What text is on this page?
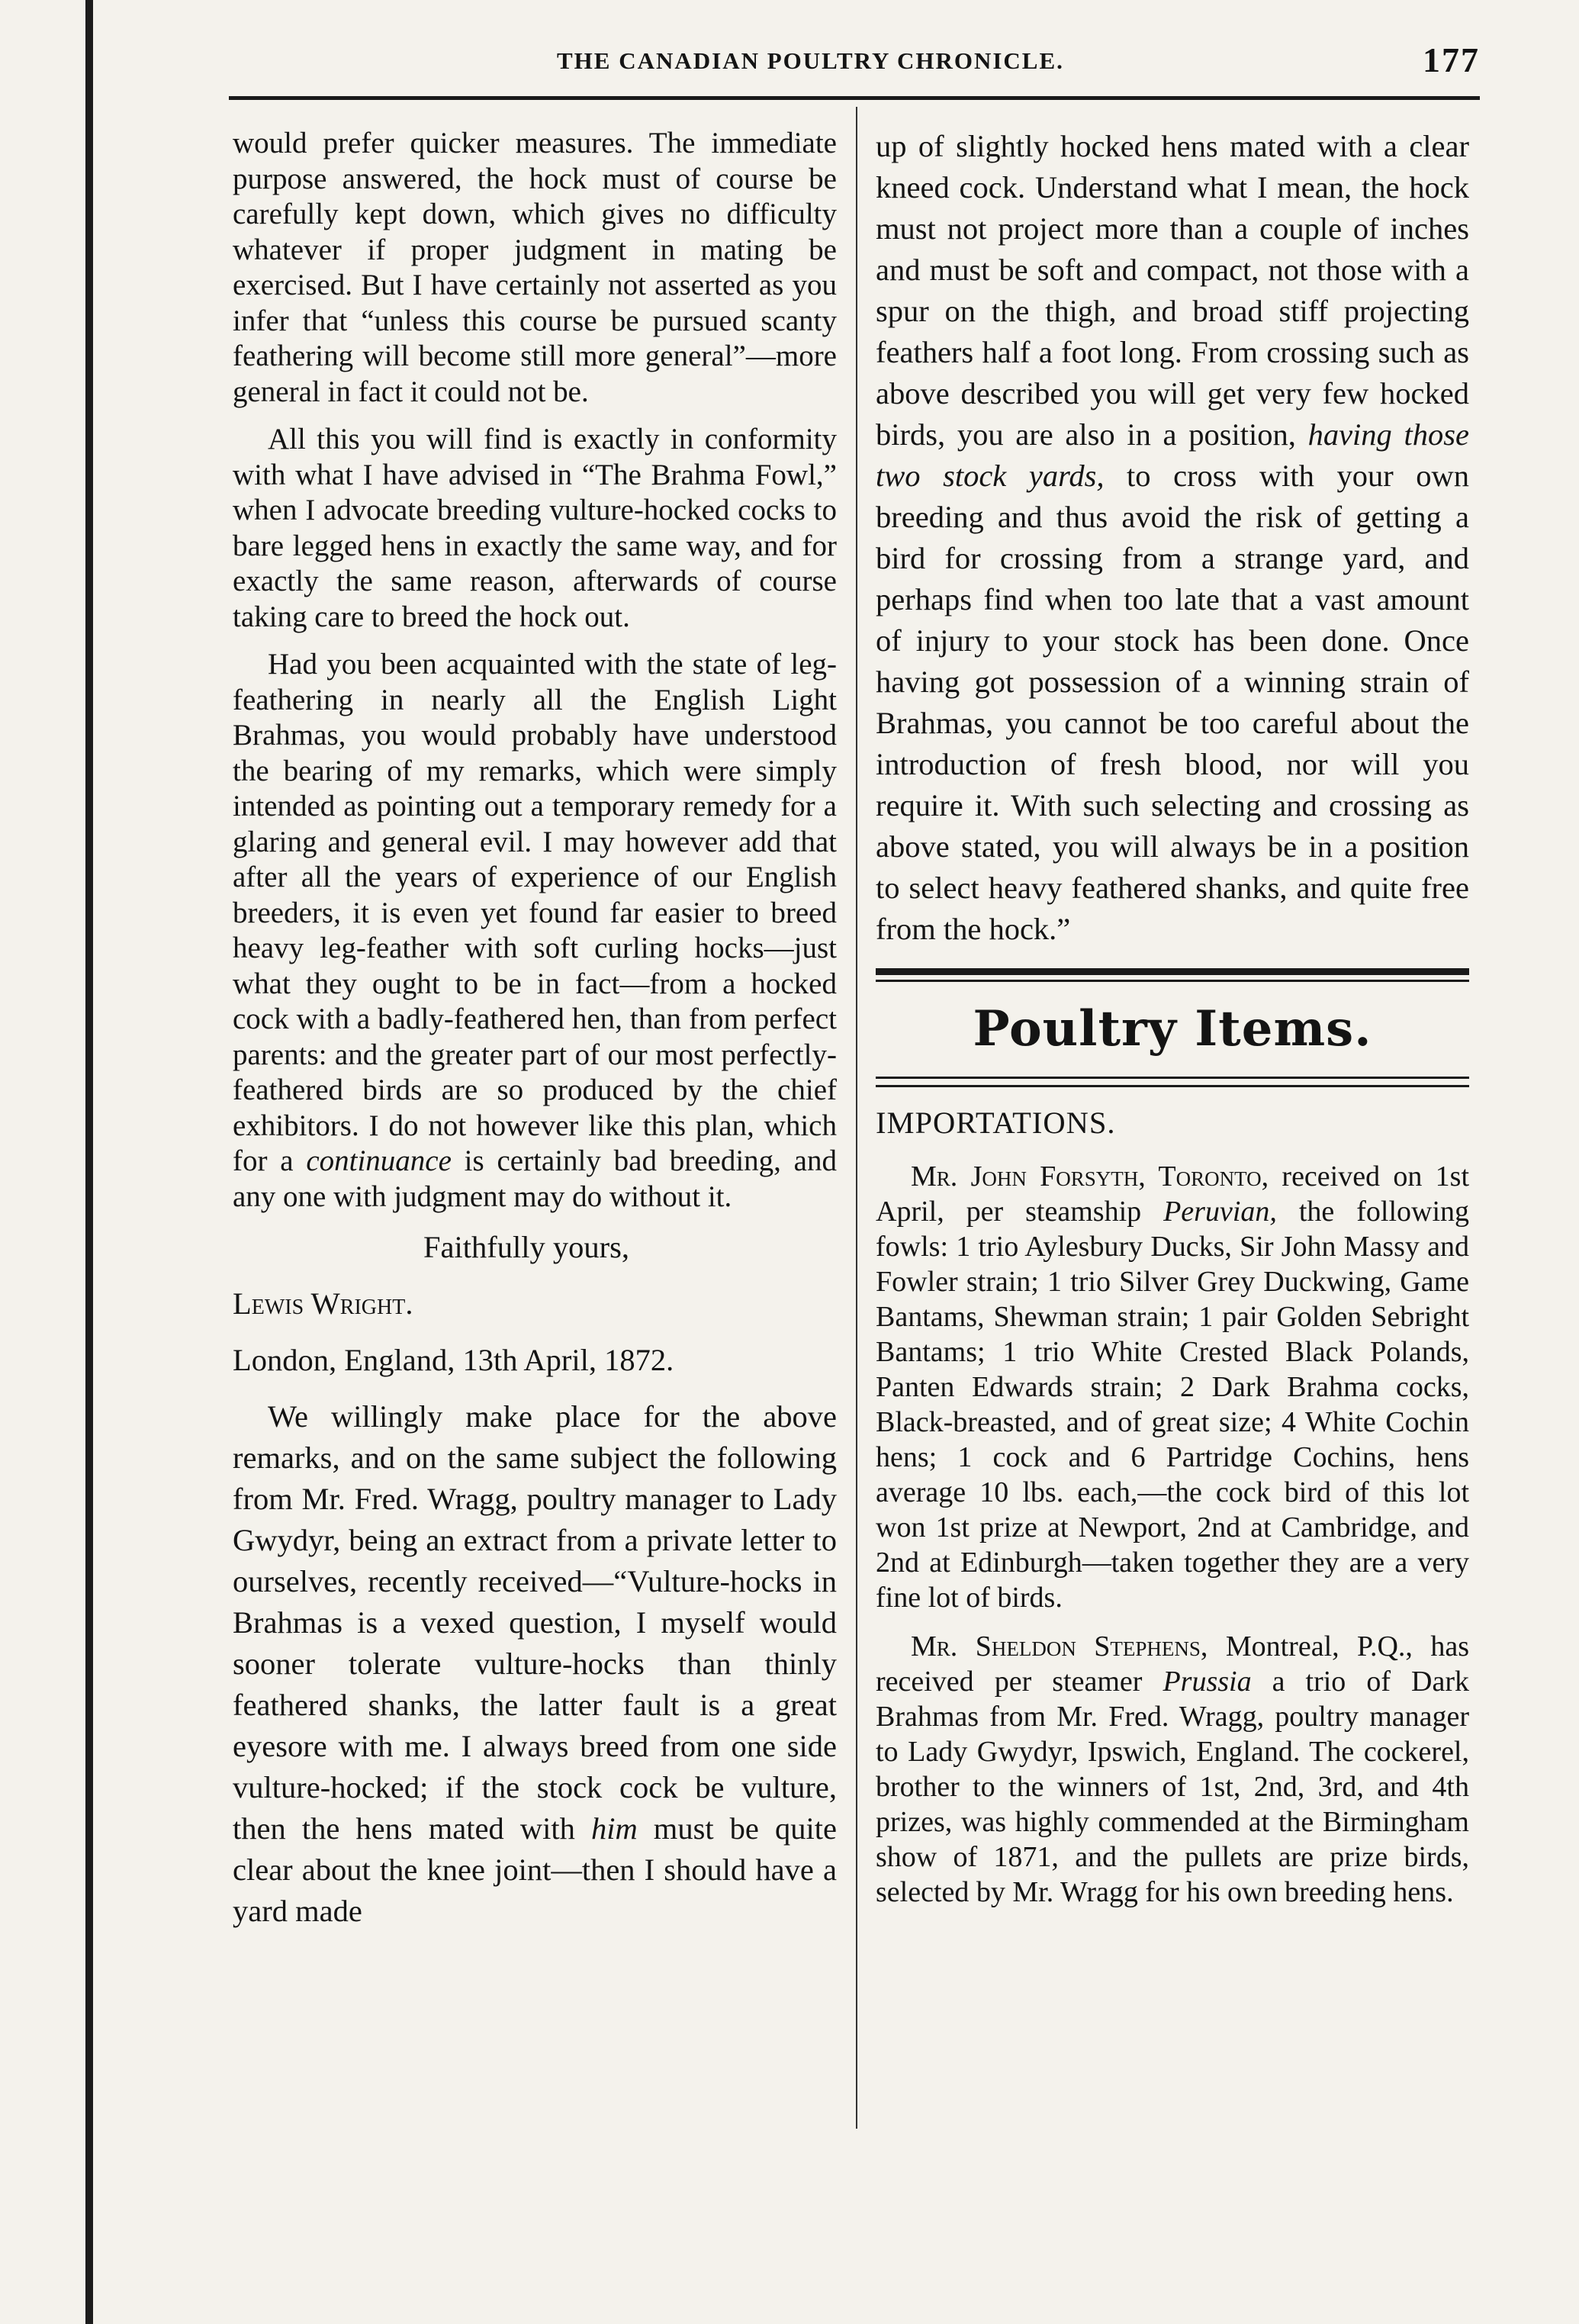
THE CANADIAN POULTRY CHRONICLE.	177

would prefer quicker measures. The immediate purpose answered, the hock must of course be carefully kept down, which gives no difficulty whatever if proper judgment in mating be exercised. But I have certainly not asserted as you infer that “unless this course be pursued scanty feathering will become still more general”—more general in fact it could not be.

All this you will find is exactly in conformity with what I have advised in “The Brahma Fowl,” when I advocate breeding vulture-hocked cocks to bare legged hens in exactly the same way, and for exactly the same reason, afterwards of course taking care to breed the hock out.

Had you been acquainted with the state of leg-feathering in nearly all the English Light Brahmas, you would probably have understood the bearing of my remarks, which were simply intended as pointing out a temporary remedy for a glaring and general evil. I may however add that after all the years of experience of our English breeders, it is even yet found far easier to breed heavy leg-feather with soft curling hocks—just what they ought to be in fact—from a hocked cock with a badly-feathered hen, than from perfect parents: and the greater part of our most perfectly-feathered birds are so produced by the chief exhibitors. I do not however like this plan, which for a continuance is certainly bad breeding, and any one with judgment may do without it.

Faithfully yours,

Lewis Wright.

London, England, 13th April, 1872.

We willingly make place for the above remarks, and on the same subject the following from Mr. Fred. Wragg, poultry manager to Lady Gwydyr, being an extract from a private letter to ourselves, recently received—“Vulture-hocks in Brahmas is a vexed question, I myself would sooner tolerate vulture-hocks than thinly feathered shanks, the latter fault is a great eyesore with me. I always breed from one side vulture-hocked; if the stock cock be vulture, then the hens mated with him must be quite clear about the knee joint—then I should have a yard made

up of slightly hocked hens mated with a clear kneed cock. Understand what I mean, the hock must not project more than a couple of inches and must be soft and compact, not those with a spur on the thigh, and broad stiff projecting feathers half a foot long. From crossing such as above described you will get very few hocked birds, you are also in a position, having those two stock yards, to cross with your own breeding and thus avoid the risk of getting a bird for crossing from a strange yard, and perhaps find when too late that a vast amount of injury to your stock has been done. Once having got possession of a winning strain of Brahmas, you cannot be too careful about the introduction of fresh blood, nor will you require it. With such selecting and crossing as above stated, you will always be in a position to select heavy feathered shanks, and quite free from the hock.”

Poultry Items.

IMPORTATIONS.

Mr. John Forsyth, Toronto, received on 1st April, per steamship Peruvian, the following fowls: 1 trio Aylesbury Ducks, Sir John Massy and Fowler strain; 1 trio Silver Grey Duckwing, Game Bantams, Shewman strain; 1 pair Golden Sebright Bantams; 1 trio White Crested Black Polands, Panten Edwards strain; 2 Dark Brahma cocks, Black-breasted, and of great size; 4 White Cochin hens; 1 cock and 6 Partridge Cochins, hens average 10 lbs. each,—the cock bird of this lot won 1st prize at Newport, 2nd at Cambridge, and 2nd at Edinburgh—taken together they are a very fine lot of birds.

Mr. Sheldon Stephens, Montreal, P.Q., has received per steamer Prussia a trio of Dark Brahmas from Mr. Fred. Wragg, poultry manager to Lady Gwydyr, Ipswich, England. The cockerel, brother to the winners of 1st, 2nd, 3rd, and 4th prizes, was highly commended at the Birmingham show of 1871, and the pullets are prize birds, selected by Mr. Wragg for his own breeding hens.
